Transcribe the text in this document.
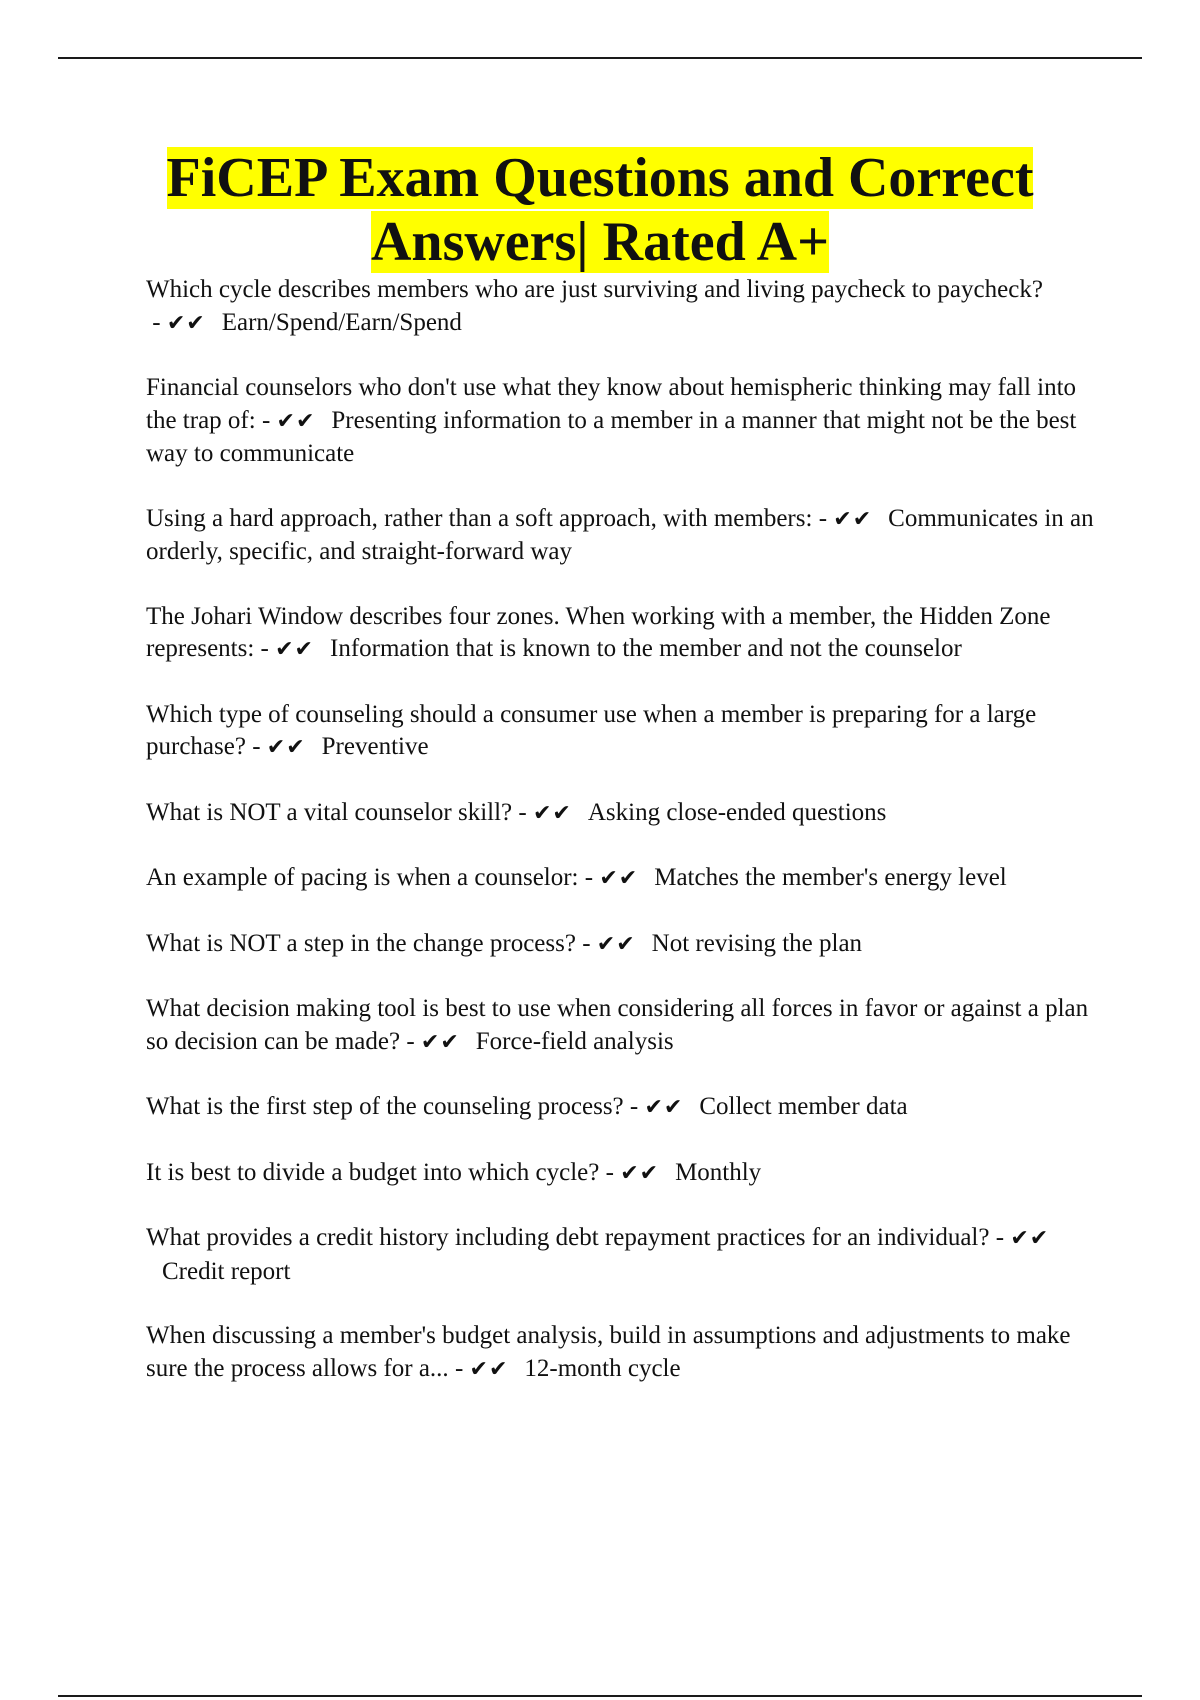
FiCEP Exam Questions and Correct Answers| Rated A+
Which cycle describes members who are just surviving and living paycheck to paycheck? - ✔✔ Earn/Spend/Earn/Spend
Financial counselors who don't use what they know about hemispheric thinking may fall into the trap of: - ✔✔ Presenting information to a member in a manner that might not be the best way to communicate
Using a hard approach, rather than a soft approach, with members: - ✔✔ Communicates in an orderly, specific, and straight-forward way
The Johari Window describes four zones. When working with a member, the Hidden Zone represents: - ✔✔ Information that is known to the member and not the counselor
Which type of counseling should a consumer use when a member is preparing for a large purchase? - ✔✔ Preventive
What is NOT a vital counselor skill? - ✔✔ Asking close-ended questions
An example of pacing is when a counselor: - ✔✔ Matches the member's energy level
What is NOT a step in the change process? - ✔✔ Not revising the plan
What decision making tool is best to use when considering all forces in favor or against a plan so decision can be made? - ✔✔ Force-field analysis
What is the first step of the counseling process? - ✔✔ Collect member data
It is best to divide a budget into which cycle? - ✔✔ Monthly
What provides a credit history including debt repayment practices for an individual? - ✔✔Credit report
When discussing a member's budget analysis, build in assumptions and adjustments to make sure the process allows for a... - ✔✔ 12-month cycle
